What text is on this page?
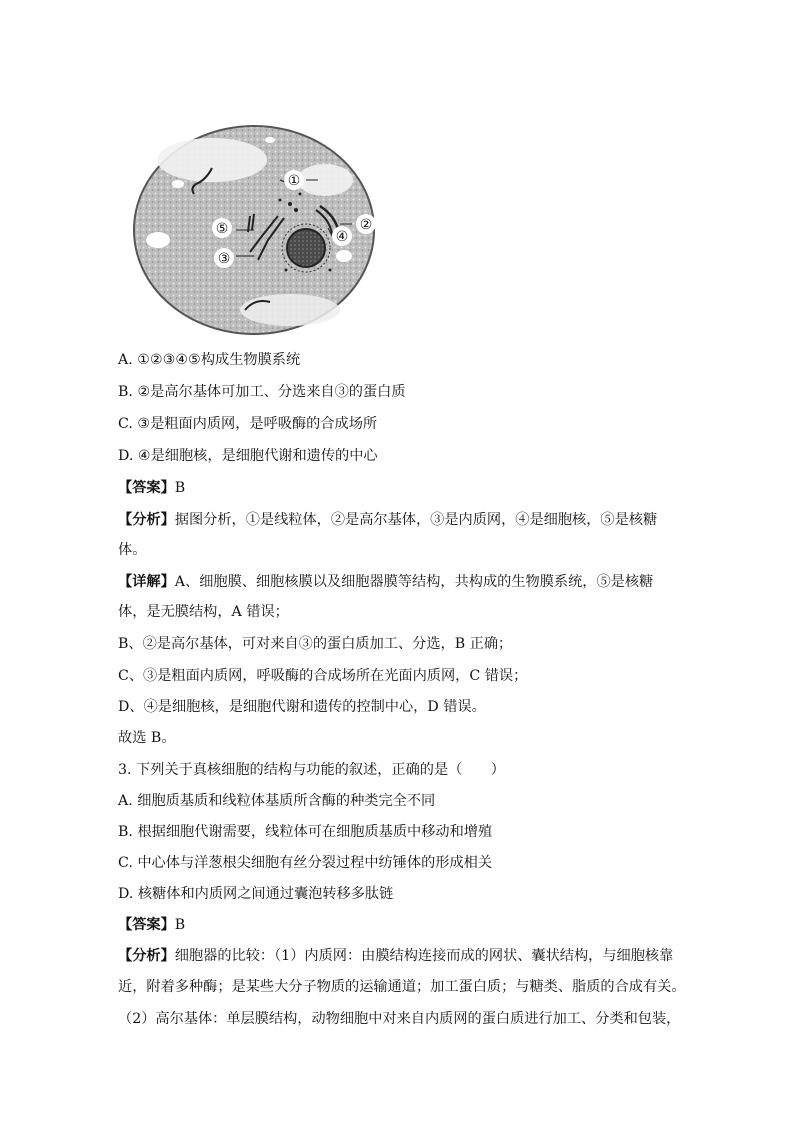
①
②
③
④
⑤
A. ①②③④⑤构成生物膜系统
B. ②是高尔基体可加工、分选来自③的蛋白质
C. ③是粗面内质网，是呼吸酶的合成场所
D. ④是细胞核，是细胞代谢和遗传的中心
【答案】B
【分析】据图分析，①是线粒体，②是高尔基体，③是内质网，④是细胞核，⑤是核糖
体。
【详解】A、细胞膜、细胞核膜以及细胞器膜等结构，共构成的生物膜系统，⑤是核糖
体，是无膜结构，A 错误；
B、②是高尔基体，可对来自③的蛋白质加工、分选，B 正确；
C、③是粗面内质网，呼吸酶的合成场所在光面内质网，C 错误；
D、④是细胞核，是细胞代谢和遗传的控制中心，D 错误。
故选 B。
3. 下列关于真核细胞的结构与功能的叙述，正确的是（　　）
A. 细胞质基质和线粒体基质所含酶的种类完全不同
B. 根据细胞代谢需要，线粒体可在细胞质基质中移动和增殖
C. 中心体与洋葱根尖细胞有丝分裂过程中纺锤体的形成相关
D. 核糖体和内质网之间通过囊泡转移多肽链
【答案】B
【分析】细胞器的比较：（1）内质网：由膜结构连接而成的网状、囊状结构，与细胞核靠
近，附着多种酶；是某些大分子物质的运输通道；加工蛋白质；与糖类、脂质的合成有关。
（2）高尔基体：单层膜结构，动物细胞中对来自内质网的蛋白质进行加工、分类和包装，
